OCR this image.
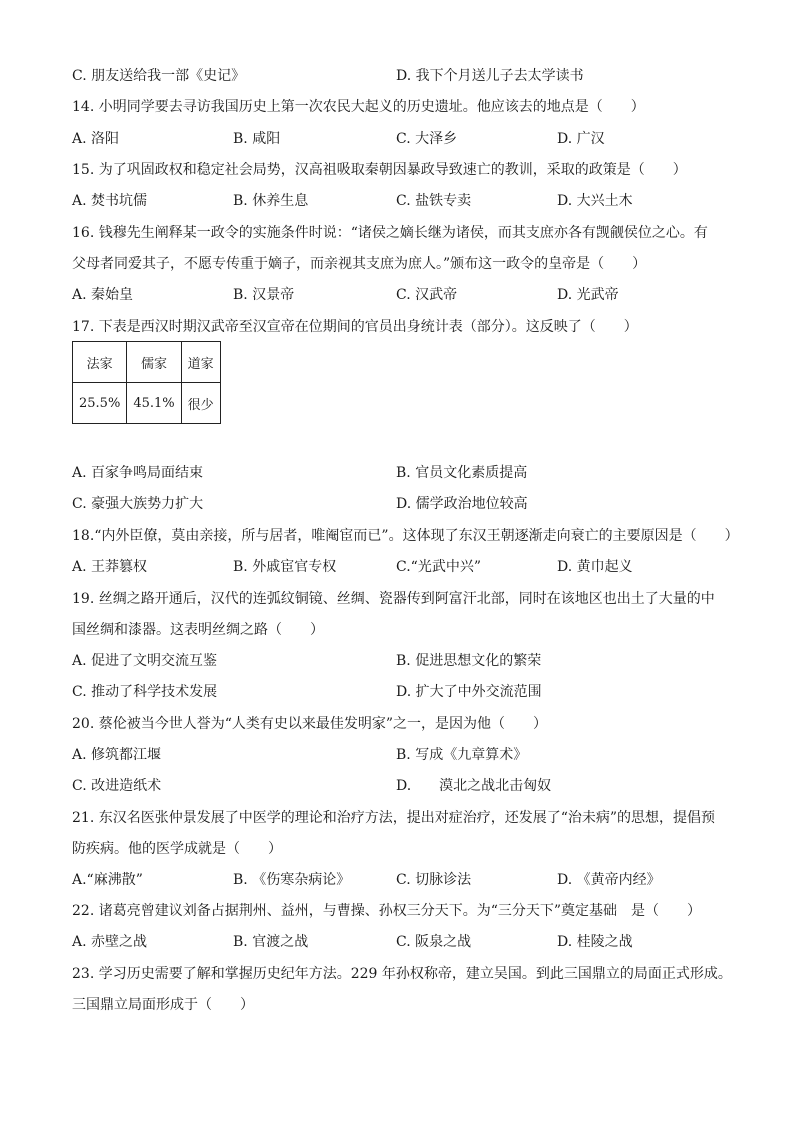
C. 朋友送给我一部《史记》	D. 我下个月送儿子去太学读书
14. 小明同学要去寻访我国历史上第一次农民大起义的历史遗址。他应该去的地点是（　　）
A. 洛阳	B. 咸阳	C. 大泽乡	D. 广汉
15. 为了巩固政权和稳定社会局势，汉高祖吸取秦朝因暴政导致速亡的教训，采取的政策是（　　）
A. 焚书坑儒	B. 休养生息	C. 盐铁专卖	D. 大兴土木
16. 钱穆先生阐释某一政令的实施条件时说：“诸侯之嫡长继为诸侯，而其支庶亦各有觊觎侯位之心。有
父母者同爱其子，不愿专传重于嫡子，而亲视其支庶为庶人。”颁布这一政令的皇帝是（　　）
A. 秦始皇	B. 汉景帝	C. 汉武帝	D. 光武帝
17. 下表是西汉时期汉武帝至汉宣帝在位期间的官员出身统计表（部分）。这反映了（　　）
法家	儒家	道家
25.5%	45.1%	很少
A. 百家争鸣局面结束	B. 官员文化素质提高
C. 豪强大族势力扩大	D. 儒学政治地位较高
18.“内外臣僚，莫由亲接，所与居者，唯阉宦而已”。这体现了东汉王朝逐渐走向衰亡的主要原因是（　　）
A. 王莽篡权	B. 外戚宦官专权	C.“光武中兴”	D. 黄巾起义
19. 丝绸之路开通后，汉代的连弧纹铜镜、丝绸、瓷器传到阿富汗北部，同时在该地区也出土了大量的中
国丝绸和漆器。这表明丝绸之路（　　）
A. 促进了文明交流互鉴	B. 促进思想文化的繁荣
C. 推动了科学技术发展	D. 扩大了中外交流范围
20. 蔡伦被当今世人誉为“人类有史以来最佳发明家”之一，是因为他（　　）
A. 修筑都江堰	B. 写成《九章算术》
C. 改进造纸术	D.　　漠北之战北击匈奴
21. 东汉名医张仲景发展了中医学的理论和治疗方法，提出对症治疗，还发展了“治未病”的思想，提倡预
防疾病。他的医学成就是（　　）
A.“麻沸散”	B. 《伤寒杂病论》	C. 切脉诊法	D. 《黄帝内经》
22. 诸葛亮曾建议刘备占据荆州、益州，与曹操、孙权三分天下。为“三分天下”奠定基础　是（　　）
A. 赤壁之战	B. 官渡之战	C. 阪泉之战	D. 桂陵之战
23. 学习历史需要了解和掌握历史纪年方法。229 年孙权称帝，建立吴国。到此三国鼎立的局面正式形成。
三国鼎立局面形成于（　　）
